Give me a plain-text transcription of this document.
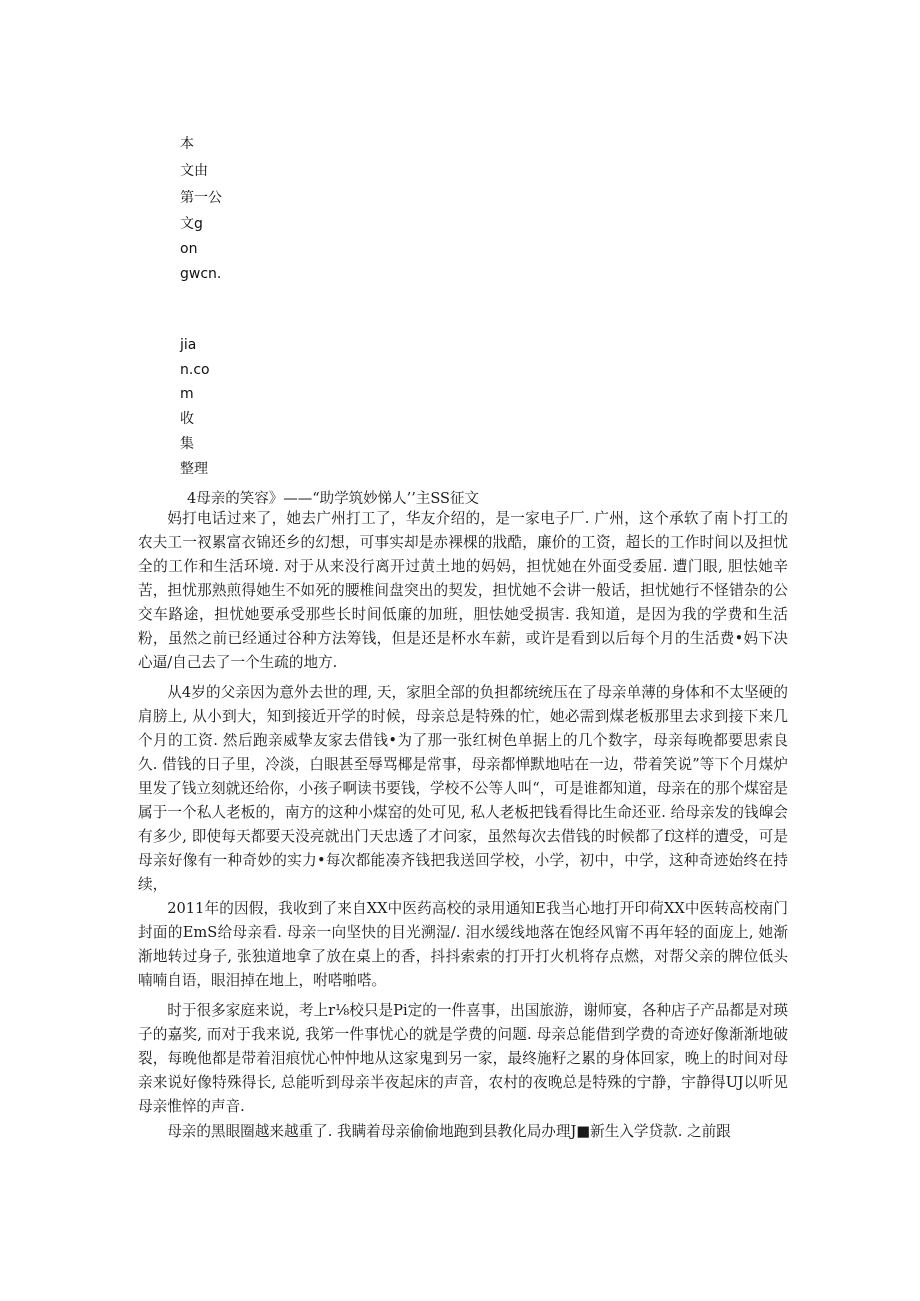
本
文由
第一公
文g
on
gwcn.
jia
n.co
m
收
集
整理
4母亲的笑容》——“助学筑妙悌人’’主SS征文

妈打电话过来了，她去广州打工了，华友介绍的，是一家电子厂. 广州，这个承软了南卜打工的农夫工一衩累富衣锦还乡的幻想，可事实却是赤裸棵的戕酷，廉价的工资，超长的工作时间以及担忧全的工作和生活环境. 对于从来没行离开过黄土地的妈妈，担忧她在外面受委屈. 遭门眼, 胆怯她辛苦，担忧那熟煎得她生不如死的腰椎间盘突出的契发，担忧她不会讲一般话，担忧她行不怪错杂的公交车路途，担忧她要承受那些长时间低廉的加班，胆怯她受损害. 我知道，是因为我的学费和生活粉，虽然之前已经通过谷种方法筹钱，但是还是杯水车薪，或许是看到以后每个月的生活费•妈下决心逼/自己去了一个生疏的地方.

从4岁的父亲因为意外去世的理, 天，家胆全部的负担都统统压在了母亲单薄的身体和不太坚硬的肩膀上, 从小到大，知到接近开学的时候，母亲总是特殊的忙，她必需到煤老板那里去求到接下来几个月的工资. 然后跑亲威挚友家去借钱•为了那一张红树色单据上的几个数字，母亲每晚都要思索良久. 借钱的日子里，冷淡，白眼甚至辱骂椰是常事，母亲都惮默地咕在一边，带着笑说”等下个月煤炉里发了钱立刻就还给你，小孩子啊读书要钱，学校不公等人叫“，可是谁都知道，母亲在的那个煤窑是属于一个私人老板的，南方的这种小煤窑的处可见, 私人老板把钱看得比生命还亚. 给母亲发的钱皡会有多少, 即使每天都要天没亮就出门天忠透了才问家，虽然每次去借钱的时候都了f这样的遭受，可是母亲好像有一种奇妙的实力•每次都能凑齐钱把我送回学校，小学，初中，中学，这种奇迹始终在持续，

2011年的因假，我收到了来自XX中医药高校的录用通知E我当心地打开印荷XX中医转高校南门封面的EmS给母亲看. 母亲一向坚快的目光溯湿/. 泪水缓线地落在饱经风甯不再年轻的面庞上, 她渐渐地转过身子, 张独道地拿了放在桌上的香，抖抖索索的打开打火机将存点燃，对帮父亲的牌位低头喃喃自语，眼泪掉在地上，咐嗒啪嗒。

时于很多家庭来说，考上r⅛校只是Pi定的一件喜事，出国旅游，谢师宴，各种店子产品都是对瑛子的嘉奖, 而对于我来说, 我笫一件事忧心的就是学费的问题. 母亲总能借到学费的奇迹好像渐渐地破裂，每晚他都是带着泪痕忧心忡忡地从这家鬼到另一家，最终施籽之累的身体回家，晚上的时间对母亲来说好像特殊得长, 总能听到母亲半夜起床的声音，农村的夜晚总是特殊的宁静，宇静得UJ以听见母亲惟悴的声音.

母亲的黑眼圈越来越重了. 我瞒着母亲偷偷地跑到县教化局办理J■新生入学贷款. 之前跟
